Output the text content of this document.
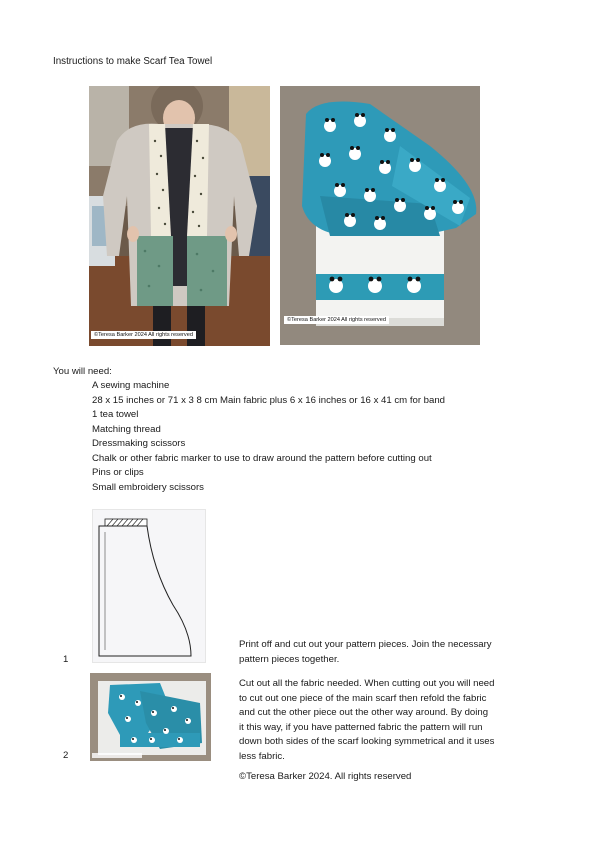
Instructions to make Scarf Tea Towel
©Teresa Barker 2024 All rights reserved
©Teresa Barker 2024 All rights reserved
You will need:
A sewing machine
28 x 15 inches or 71 x 3 8 cm Main fabric plus 6 x 16 inches or 16 x 41 cm for band
1 tea towel
Matching thread
Dressmaking scissors
Chalk or other fabric marker to use to draw around the pattern before cutting out
Pins or clips
Small embroidery scissors
1
Print off and cut out your pattern pieces. Join the necessary
pattern pieces together.
2
Cut out all the fabric needed. When cutting out you will need
to cut out one piece of the main scarf then refold the fabric
and cut the other piece out the other way around. By doing
it this way, if you have patterned fabric the pattern will run
down both sides of the scarf looking symmetrical and it uses
less fabric.
©Teresa Barker 2024. All rights reserved
